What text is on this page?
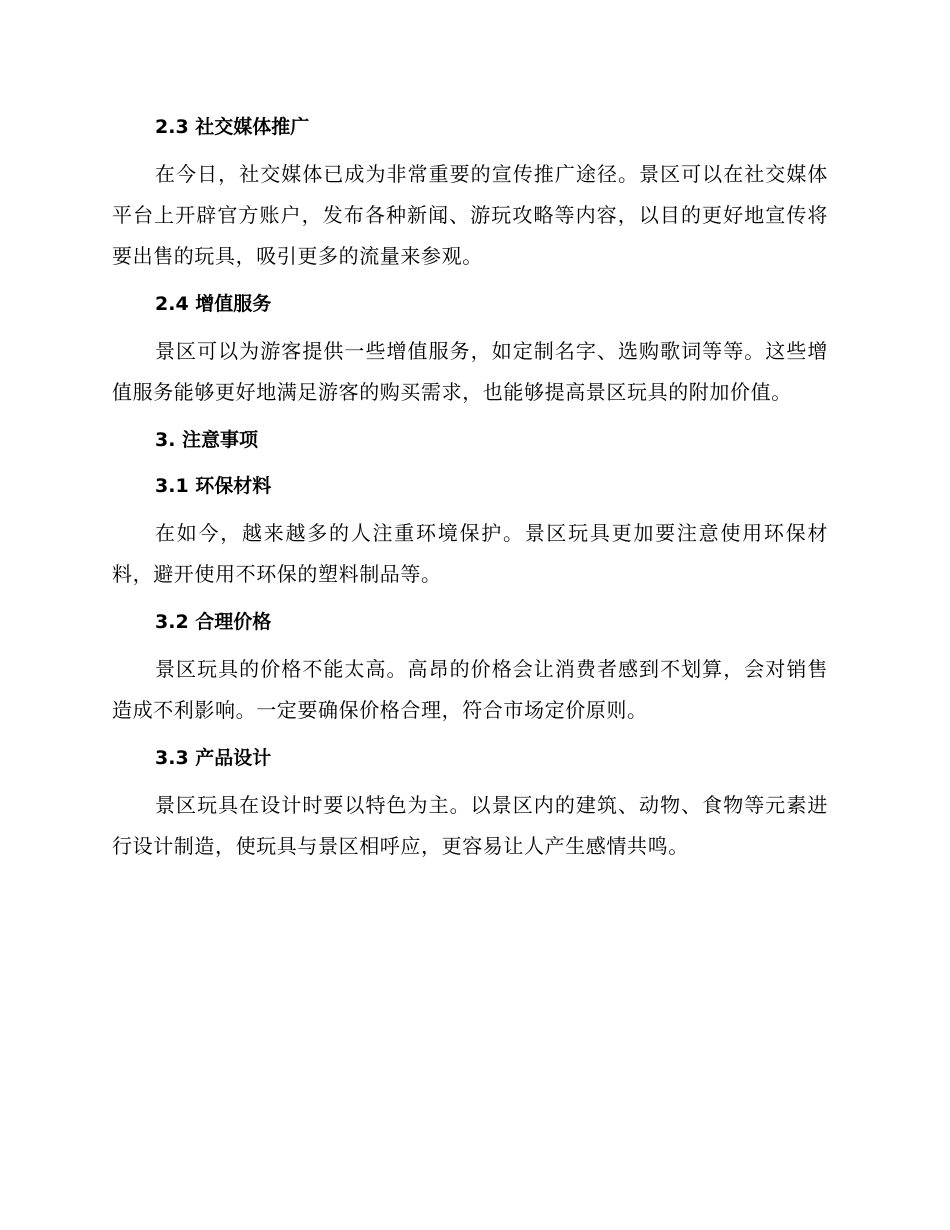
2.3 社交媒体推广

在今日，社交媒体已成为非常重要的宣传推广途径。景区可以在社交媒体平台上开辟官方账户，发布各种新闻、游玩攻略等内容，以目的更好地宣传将要出售的玩具，吸引更多的流量来参观。

2.4 增值服务

景区可以为游客提供一些增值服务，如定制名字、选购歌词等等。这些增值服务能够更好地满足游客的购买需求，也能够提高景区玩具的附加价值。

3. 注意事项
3.1 环保材料

在如今，越来越多的人注重环境保护。景区玩具更加要注意使用环保材料，避开使用不环保的塑料制品等。

3.2 合理价格

景区玩具的价格不能太高。高昂的价格会让消费者感到不划算，会对销售造成不利影响。一定要确保价格合理，符合市场定价原则。

3.3 产品设计

景区玩具在设计时要以特色为主。以景区内的建筑、动物、食物等元素进行设计制造，使玩具与景区相呼应，更容易让人产生感情共鸣。
